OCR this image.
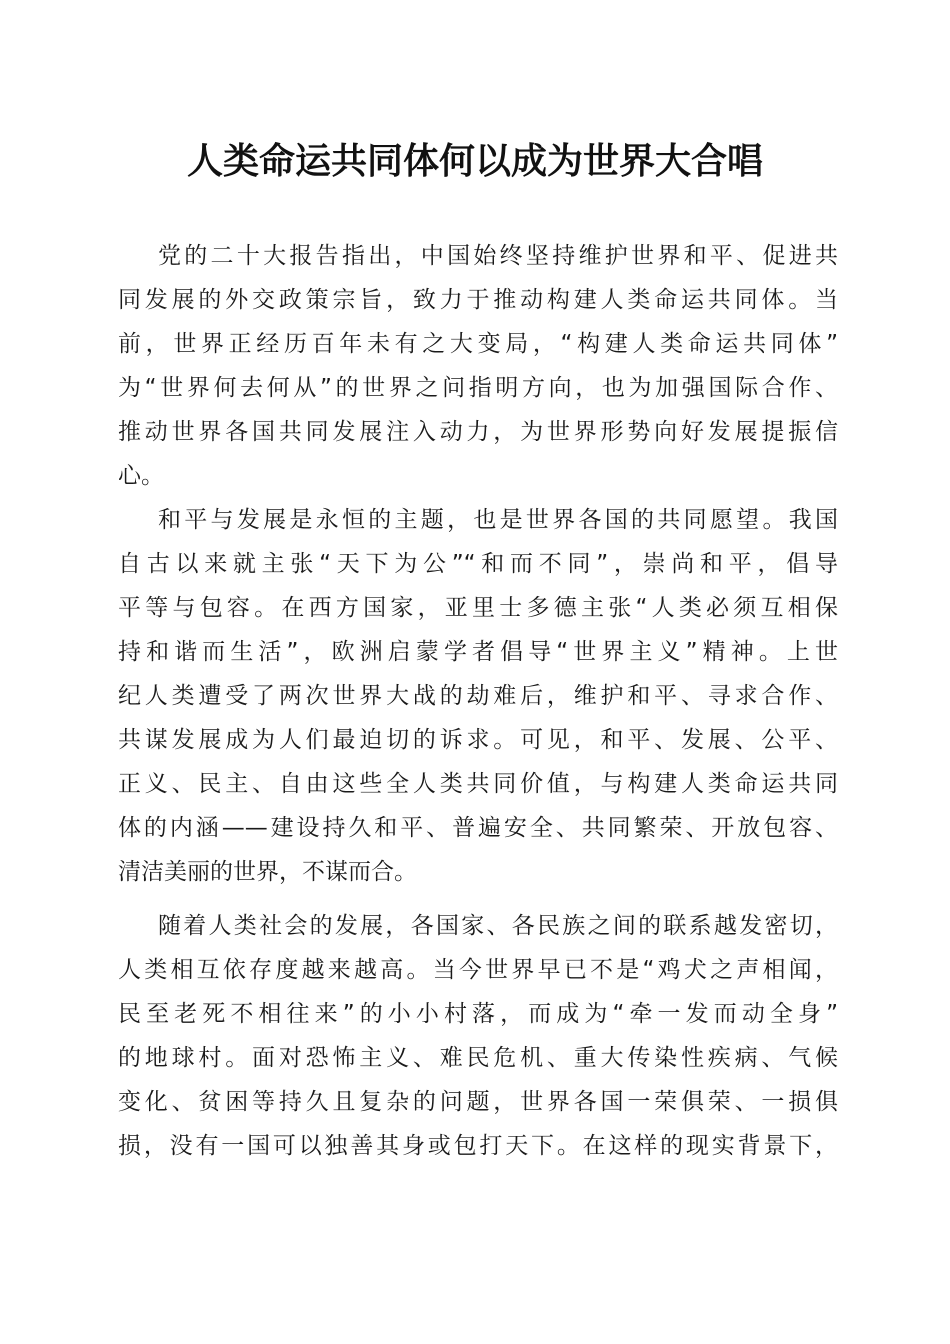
人类命运共同体何以成为世界大合唱
党的二十大报告指出，中国始终坚持维护世界和平、促进共
同发展的外交政策宗旨，致力于推动构建人类命运共同体。当
前，世界正经历百年未有之大变局，“构建人类命运共同体”
为“世界何去何从”的世界之问指明方向，也为加强国际合作、
推动世界各国共同发展注入动力，为世界形势向好发展提振信
心。
和平与发展是永恒的主题，也是世界各国的共同愿望。我国
自古以来就主张“天下为公”“和而不同”，崇尚和平，倡导
平等与包容。在西方国家，亚里士多德主张“人类必须互相保
持和谐而生活”，欧洲启蒙学者倡导“世界主义”精神。上世
纪人类遭受了两次世界大战的劫难后，维护和平、寻求合作、
共谋发展成为人们最迫切的诉求。可见，和平、发展、公平、
正义、民主、自由这些全人类共同价值，与构建人类命运共同
体的内涵——建设持久和平、普遍安全、共同繁荣、开放包容、
清洁美丽的世界，不谋而合。
随着人类社会的发展，各国家、各民族之间的联系越发密切，
人类相互依存度越来越高。当今世界早已不是“鸡犬之声相闻，
民至老死不相往来”的小小村落，而成为“牵一发而动全身”
的地球村。面对恐怖主义、难民危机、重大传染性疾病、气候
变化、贫困等持久且复杂的问题，世界各国一荣俱荣、一损俱
损，没有一国可以独善其身或包打天下。在这样的现实背景下，
